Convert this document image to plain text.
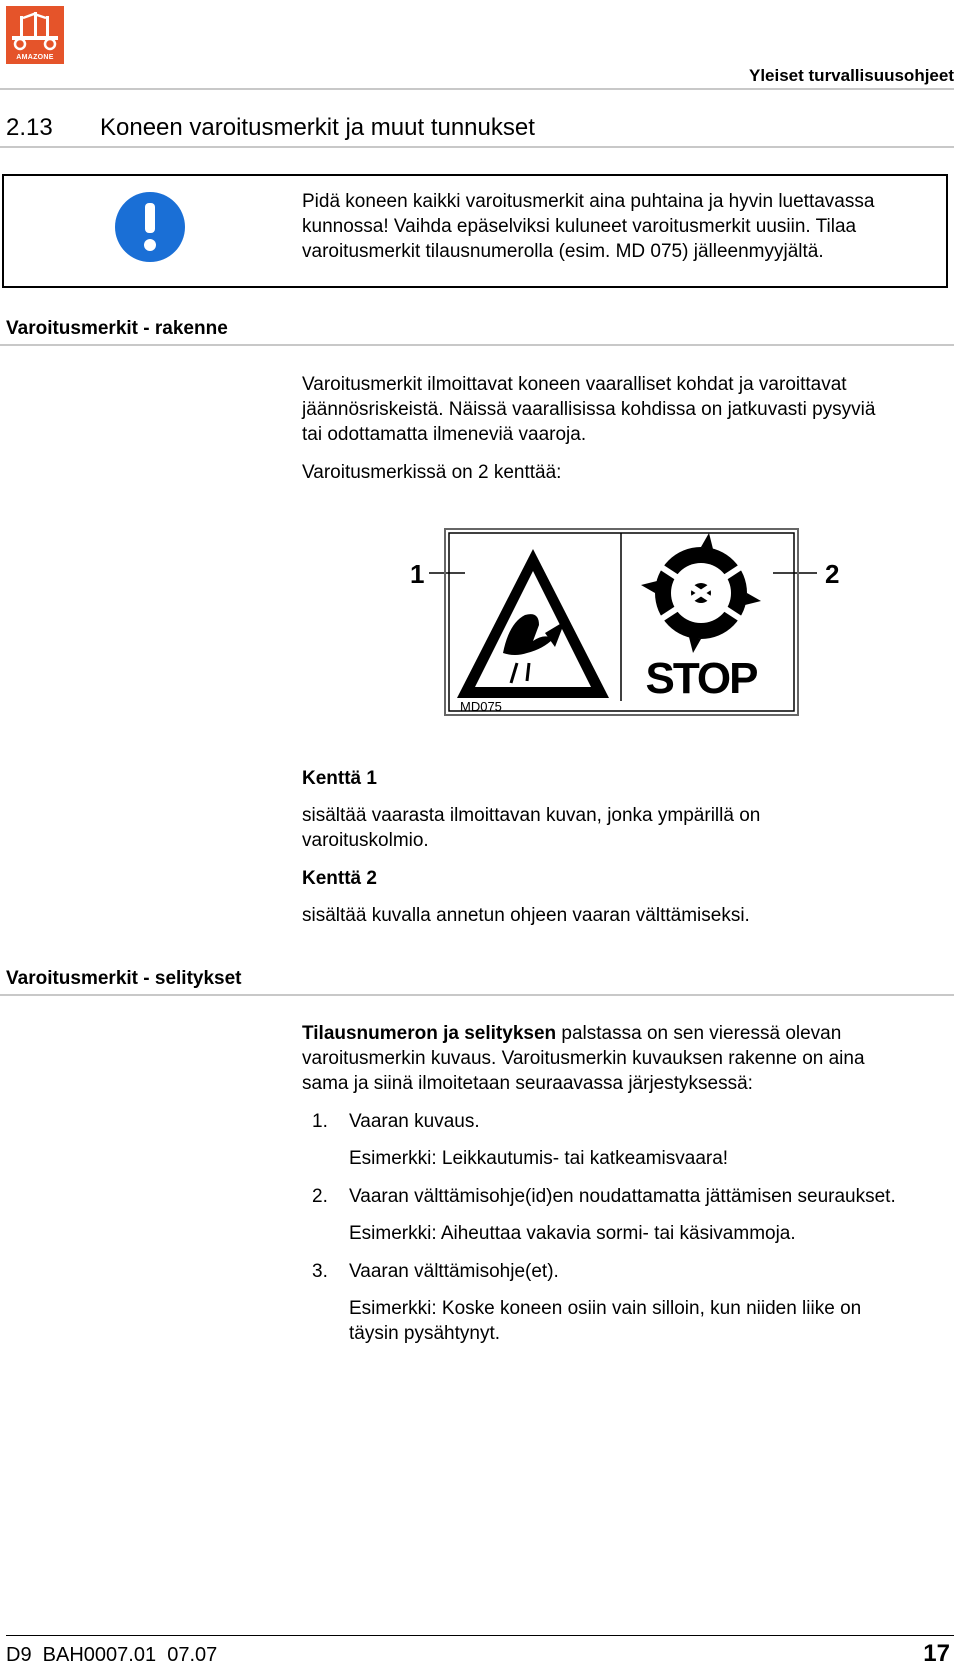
AMAZONE
Yleiset turvallisuusohjeet
2.13 Koneen varoitusmerkit ja muut tunnukset
Pidä koneen kaikki varoitusmerkit aina puhtaina ja hyvin luettavassa
kunnossa! Vaihda epäselviksi kuluneet varoitusmerkit uusiin. Tilaa
varoitusmerkit tilausnumerolla (esim. MD 075) jälleenmyyjältä.
Varoitusmerkit - rakenne
Varoitusmerkit ilmoittavat koneen vaaralliset kohdat ja varoittavat
jäännösriskeistä. Näissä vaarallisissa kohdissa on jatkuvasti pysyviä
tai odottamatta ilmeneviä vaaroja.
Varoitusmerkissä on 2 kenttää:
1	2
STOP
MD075
Kenttä 1
sisältää vaarasta ilmoittavan kuvan, jonka ympärillä on
varoituskolmio.
Kenttä 2
sisältää kuvalla annetun ohjeen vaaran välttämiseksi.
Varoitusmerkit - selitykset
Tilausnumeron ja selityksen palstassa on sen vieressä olevan
varoitusmerkin kuvaus. Varoitusmerkin kuvauksen rakenne on aina
sama ja siinä ilmoitetaan seuraavassa järjestyksessä:
1. Vaaran kuvaus.
Esimerkki: Leikkautumis- tai katkeamisvaara!
2. Vaaran välttämisohje(id)en noudattamatta jättämisen seuraukset.
Esimerkki: Aiheuttaa vakavia sormi- tai käsivammoja.
3. Vaaran välttämisohje(et).
Esimerkki: Koske koneen osiin vain silloin, kun niiden liike on
täysin pysähtynyt.
D9  BAH0007.01  07.07	17
